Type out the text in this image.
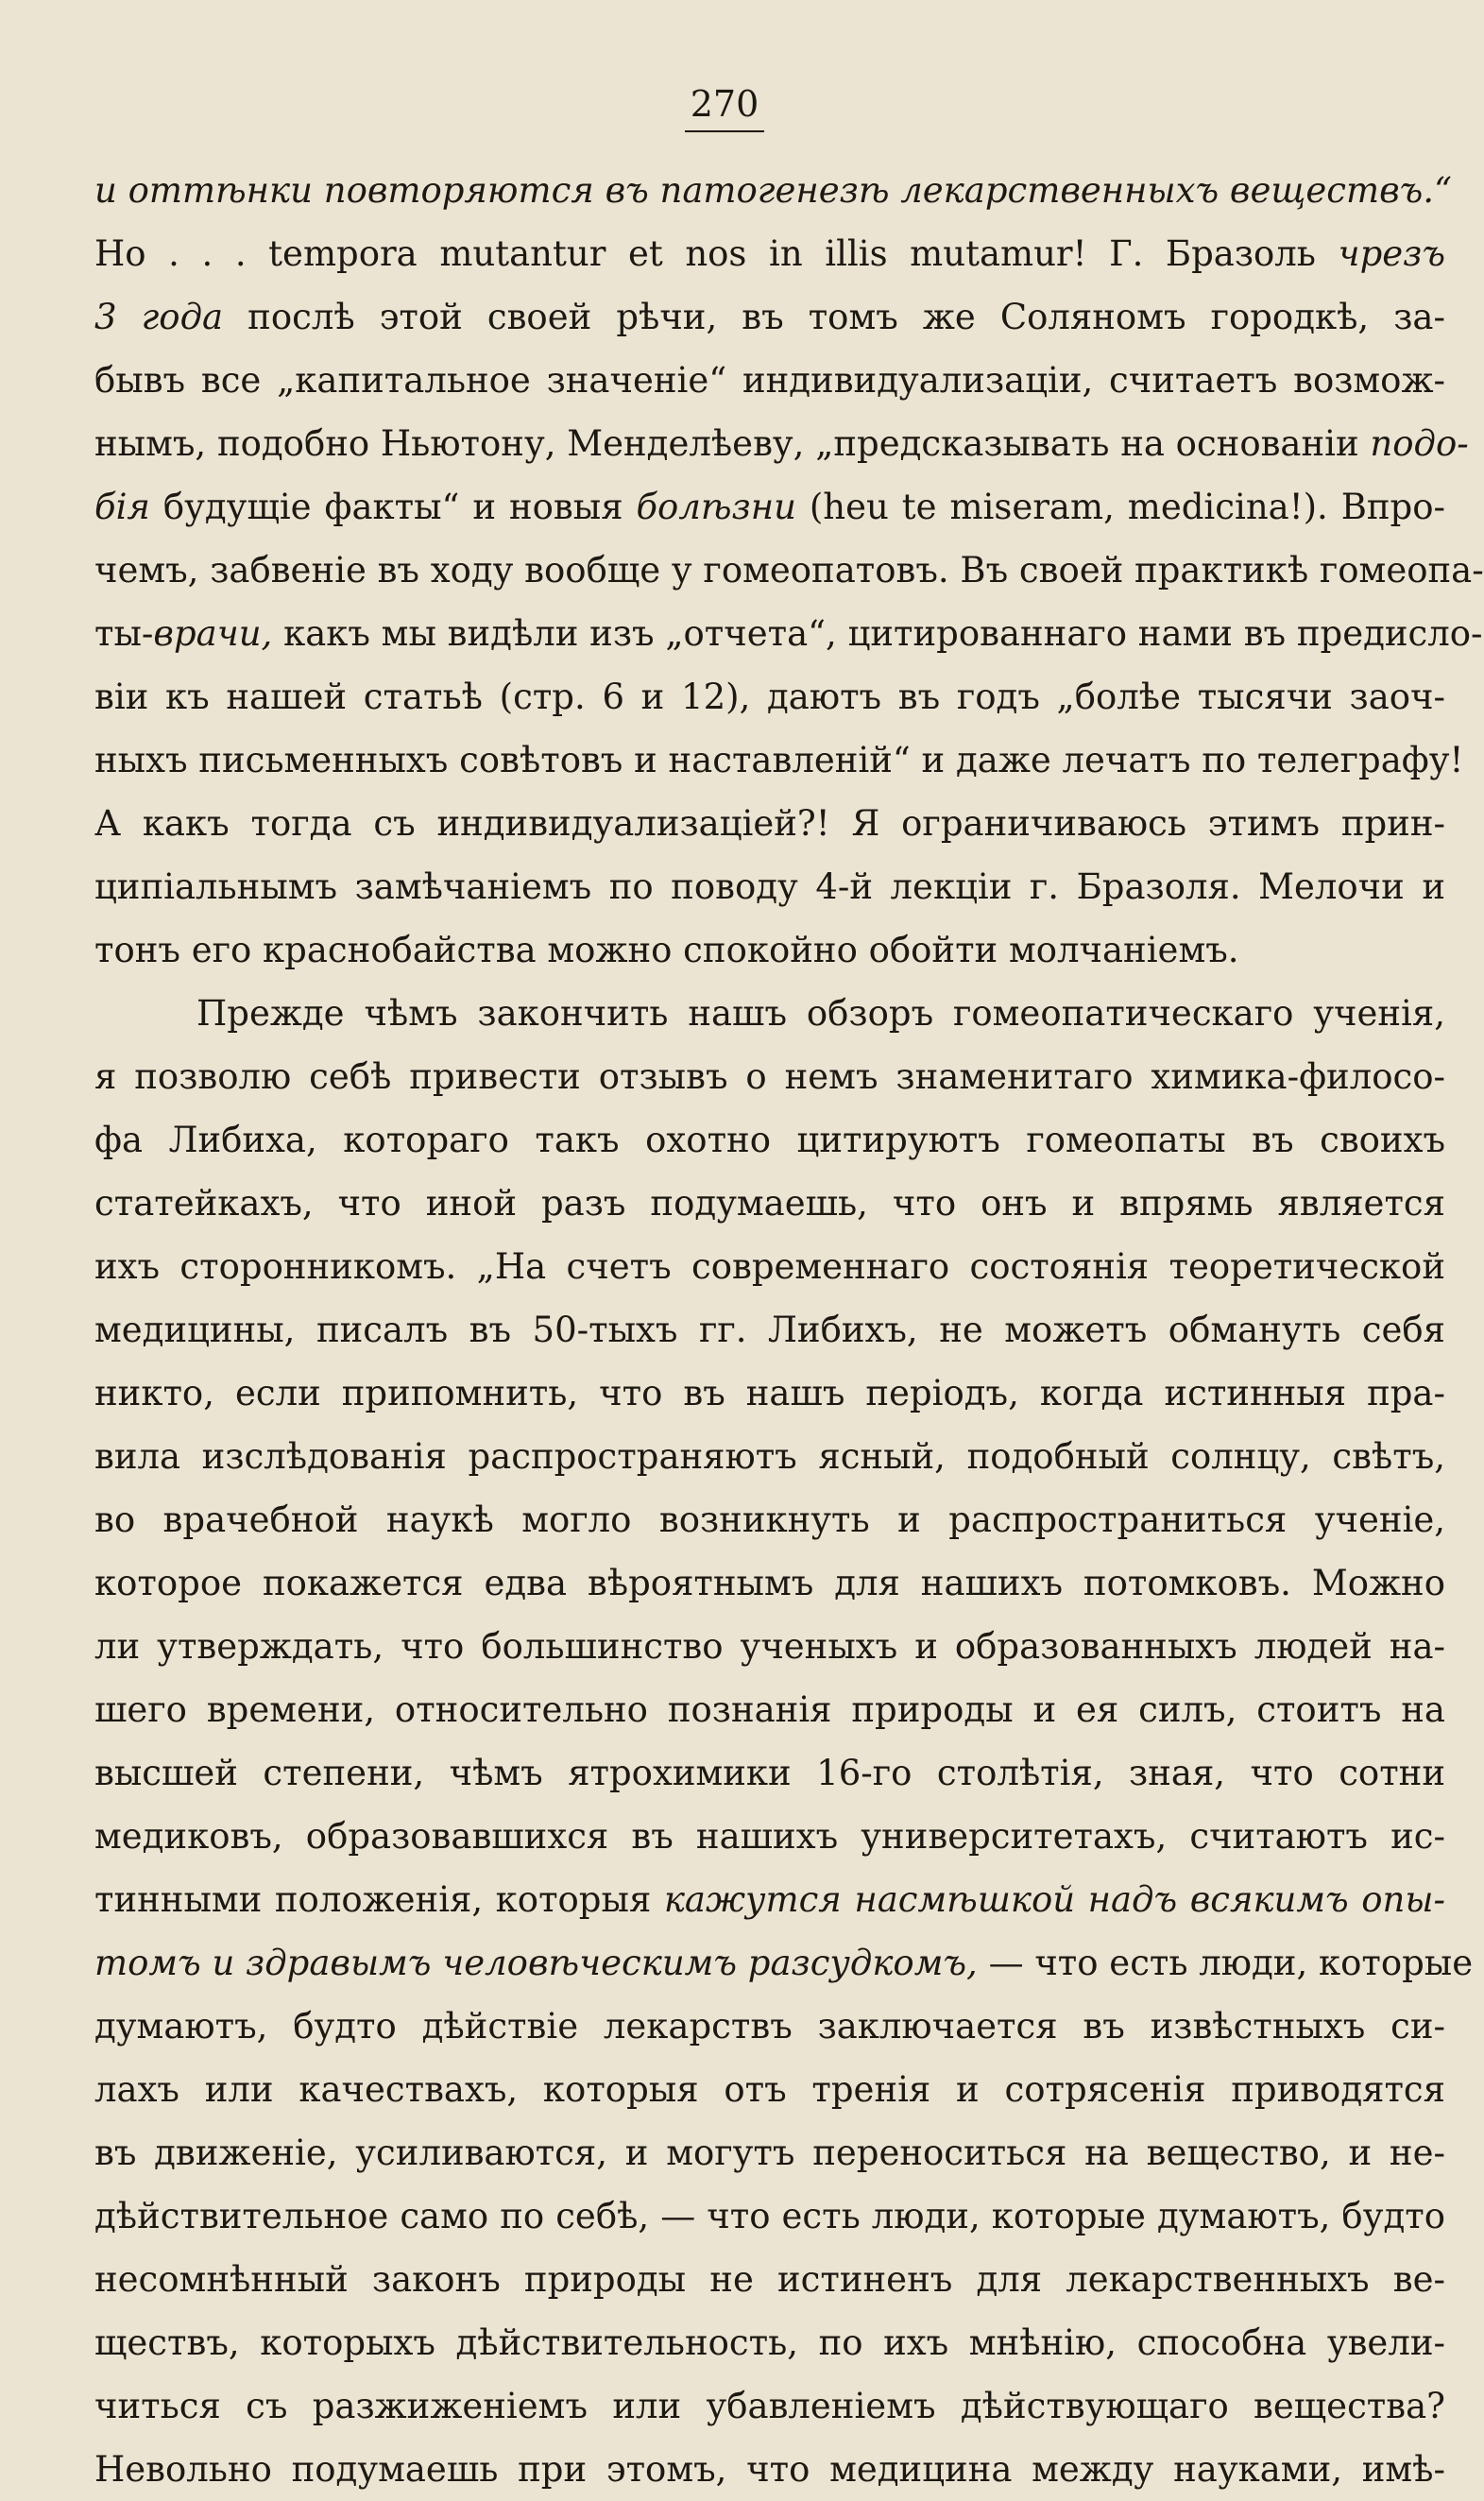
270
и оттѣнки повторяются въ патогенезѣ лекарственныхъ веществъ.“
Но . . . tempora mutantur et nos in illis mutamur! Г. Бразоль чрезъ
3 года послѣ этой своей рѣчи, въ томъ же Соляномъ городкѣ, за-
бывъ все „капитальное значеніе“ индивидуализаціи, считаетъ возмож-
нымъ, подобно Ньютону, Менделѣеву, „предсказывать на основаніи подо-
бія будущіе факты“ и новыя болѣзни (heu te miseram, medicina!). Впро-
чемъ, забвеніе въ ходу вообще у гомеопатовъ. Въ своей практикѣ гомеопа-
ты-врачи, какъ мы видѣли изъ „отчета“, цитированнаго нами въ предисло-
віи къ нашей статьѣ (стр. 6 и 12), даютъ въ годъ „болѣе тысячи заоч-
ныхъ письменныхъ совѣтовъ и наставленій“ и даже лечатъ по телеграфу!
А какъ тогда съ индивидуализаціей?! Я ограничиваюсь этимъ прин-
ципіальнымъ замѣчаніемъ по поводу 4-й лекціи г. Бразоля. Мелочи и
тонъ его краснобайства можно спокойно обойти молчаніемъ.
Прежде чѣмъ закончить нашъ обзоръ гомеопатическаго ученія,
я позволю себѣ привести отзывъ о немъ знаменитаго химика-филосо-
фа Либиха, котораго такъ охотно цитируютъ гомеопаты въ своихъ
статейкахъ, что иной разъ подумаешь, что онъ и впрямь является
ихъ сторонникомъ. „На счетъ современнаго состоянія теоретической
медицины, писалъ въ 50-тыхъ гг. Либихъ, не можетъ обмануть себя
никто, если припомнить, что въ нашъ періодъ, когда истинныя пра-
вила изслѣдованія распространяютъ ясный, подобный солнцу, свѣтъ,
во врачебной наукѣ могло возникнуть и распространиться ученіе,
которое покажется едва вѣроятнымъ для нашихъ потомковъ. Можно
ли утверждать, что большинство ученыхъ и образованныхъ людей на-
шего времени, относительно познанія природы и ея силъ, стоитъ на
высшей степени, чѣмъ ятрохимики 16-го столѣтія, зная, что сотни
медиковъ, образовавшихся въ нашихъ университетахъ, считаютъ ис-
тинными положенія, которыя кажутся насмѣшкой надъ всякимъ опы-
томъ и здравымъ человѣческимъ разсудкомъ, — что есть люди, которые
думаютъ, будто дѣйствіе лекарствъ заключается въ извѣстныхъ си-
лахъ или качествахъ, которыя отъ тренія и сотрясенія приводятся
въ движеніе, усиливаются, и могутъ переноситься на вещество, и не-
дѣйствительное само по себѣ, — что есть люди, которые думаютъ, будто
несомнѣнный законъ природы не истиненъ для лекарственныхъ ве-
ществъ, которыхъ дѣйствительность, по ихъ мнѣнію, способна увели-
читься съ разжиженіемъ или убавленіемъ дѣйствующаго вещества?
Невольно подумаешь при этомъ, что медицина между науками, имѣ-
